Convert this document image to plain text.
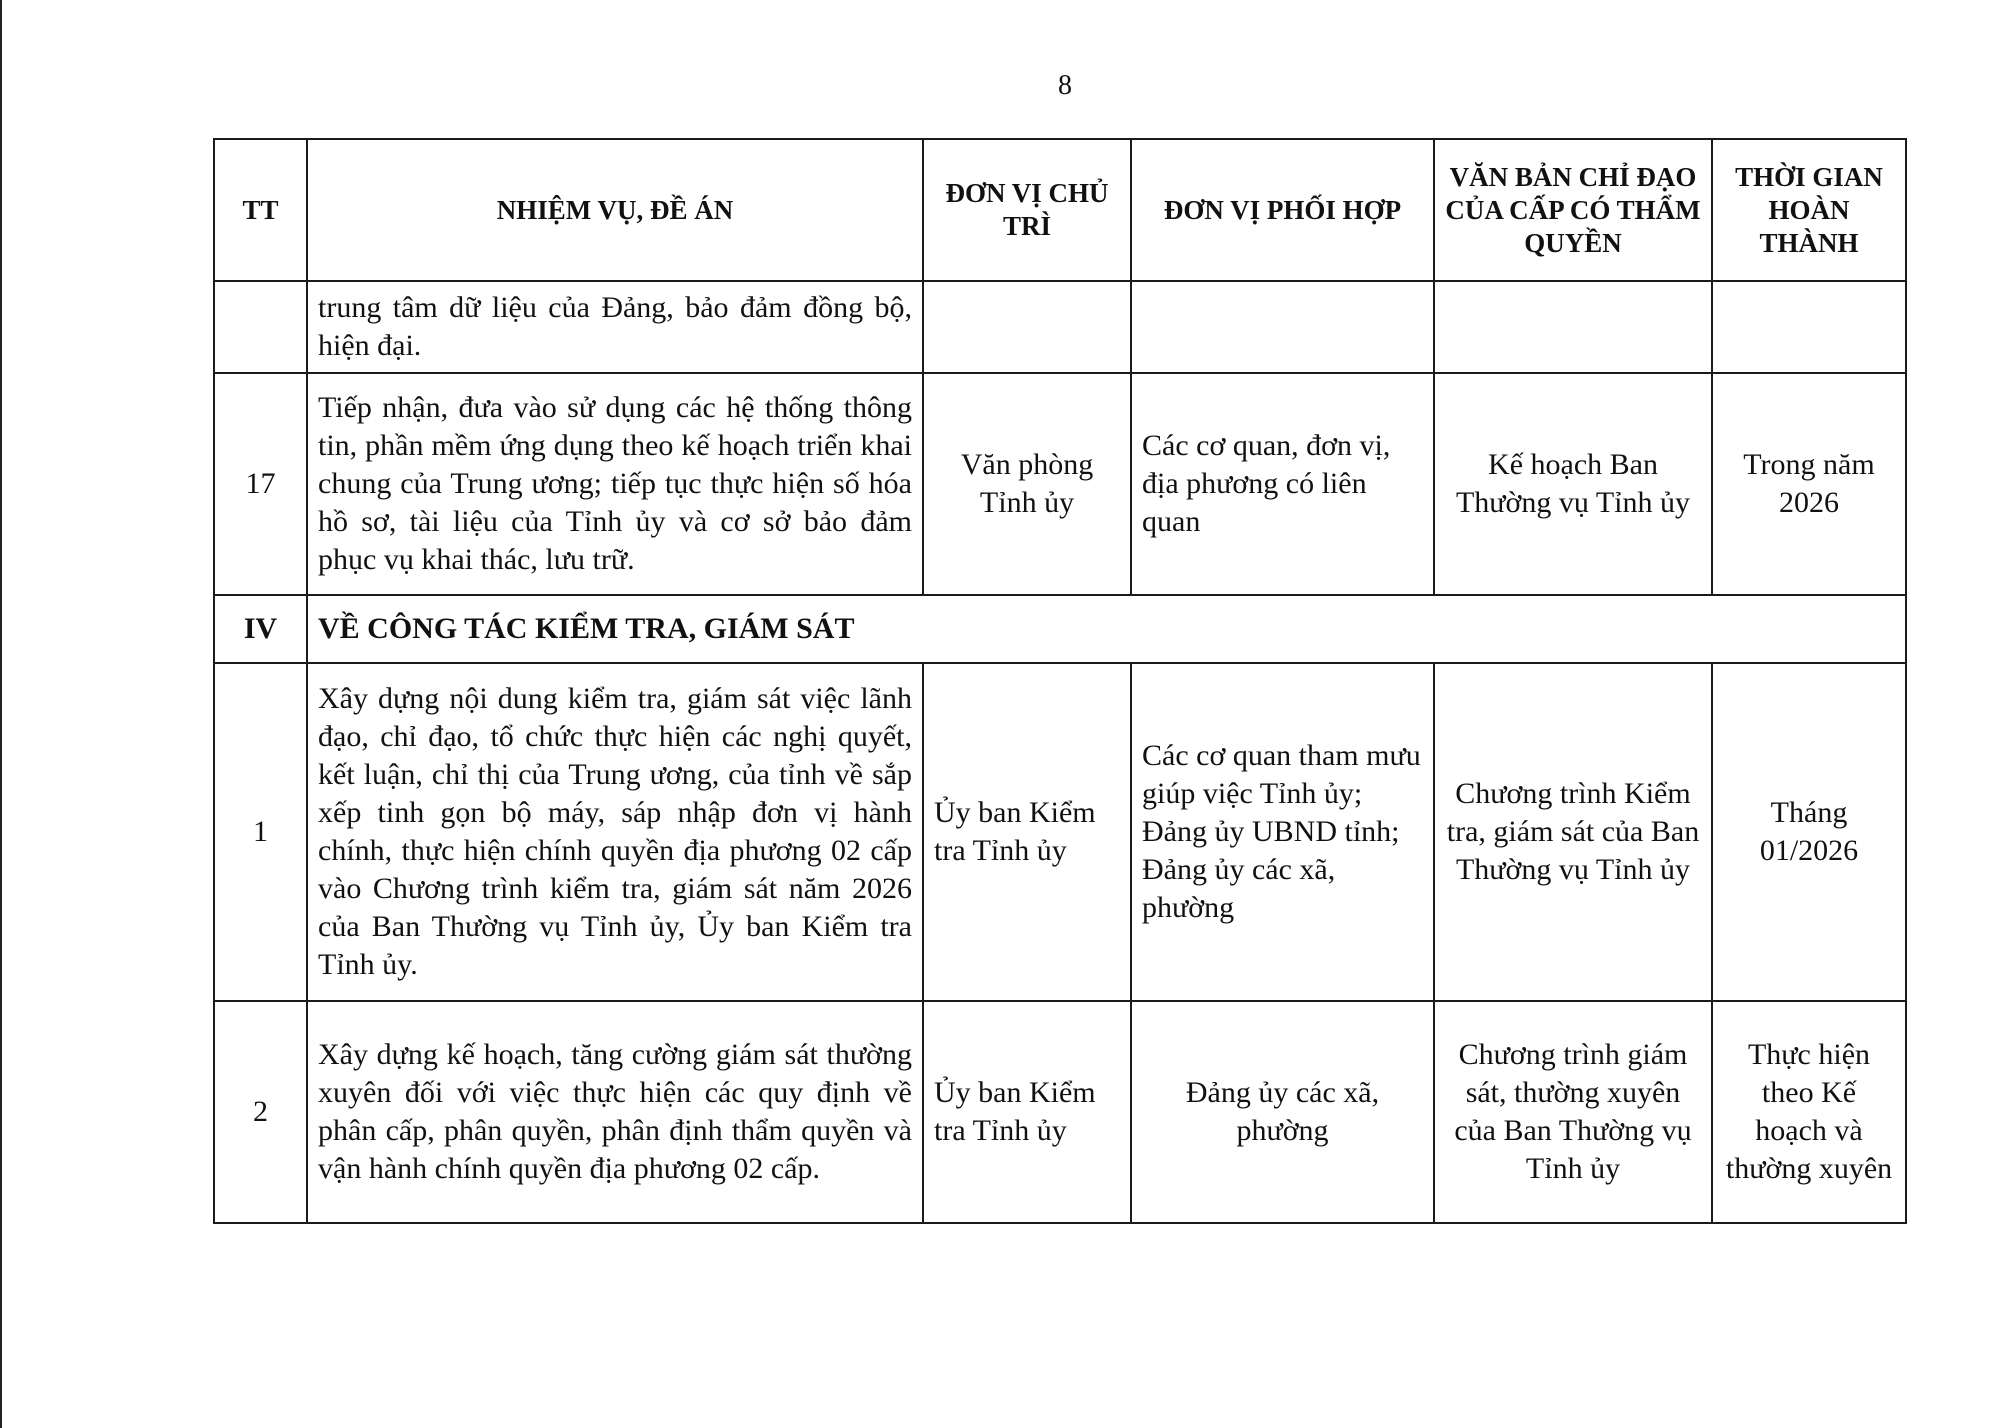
8
TT	NHIỆM VỤ, ĐỀ ÁN	ĐƠN VỊ CHỦ TRÌ	ĐƠN VỊ PHỐI HỢP	VĂN BẢN CHỈ ĐẠO CỦA CẤP CÓ THẨM QUYỀN	THỜI GIAN HOÀN THÀNH
	trung tâm dữ liệu của Đảng, bảo đảm đồng bộ, hiện đại.				
17	Tiếp nhận, đưa vào sử dụng các hệ thống thông tin, phần mềm ứng dụng theo kế hoạch triển khai chung của Trung ương; tiếp tục thực hiện số hóa hồ sơ, tài liệu của Tỉnh ủy và cơ sở bảo đảm phục vụ khai thác, lưu trữ.	Văn phòng Tỉnh ủy	Các cơ quan, đơn vị, địa phương có liên quan	Kế hoạch Ban Thường vụ Tỉnh ủy	Trong năm 2026
IV	VỀ CÔNG TÁC KIỂM TRA, GIÁM SÁT				
1	Xây dựng nội dung kiểm tra, giám sát việc lãnh đạo, chỉ đạo, tổ chức thực hiện các nghị quyết, kết luận, chỉ thị của Trung ương, của tỉnh về sắp xếp tinh gọn bộ máy, sáp nhập đơn vị hành chính, thực hiện chính quyền địa phương 02 cấp vào Chương trình kiểm tra, giám sát năm 2026 của Ban Thường vụ Tỉnh ủy, Ủy ban Kiểm tra Tỉnh ủy.	Ủy ban Kiểm tra Tỉnh ủy	Các cơ quan tham mưu giúp việc Tỉnh ủy; Đảng ủy UBND tỉnh; Đảng ủy các xã, phường	Chương trình Kiểm tra, giám sát của Ban Thường vụ Tỉnh ủy	Tháng 01/2026
2	Xây dựng kế hoạch, tăng cường giám sát thường xuyên đối với việc thực hiện các quy định về phân cấp, phân quyền, phân định thẩm quyền và vận hành chính quyền địa phương 02 cấp.	Ủy ban Kiểm tra Tỉnh ủy	Đảng ủy các xã, phường	Chương trình giám sát, thường xuyên của Ban Thường vụ Tỉnh ủy	Thực hiện theo Kế hoạch và thường xuyên
